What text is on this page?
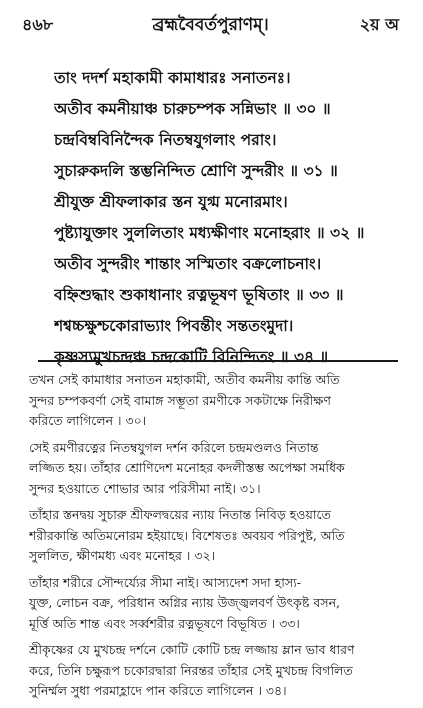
৪৬৮	ব্রহ্মবৈবর্তপুরাণম্।	২য় অ
তাং দদর্শ মহাকামী কামাধারঃ সনাতনঃ।
অতীব কমনীয়াঞ্চ চারুচম্পক সন্নিভাং ॥ ৩০ ॥
চন্দ্রবিম্ববিনিন্দৈক নিতম্বযুগলাং পরাং।
সুচারুকদলি স্তম্ভনিন্দিত শ্রোণি সুন্দরীং ॥ ৩১ ॥
শ্রীযুক্ত শ্রীফলাকার স্তন যুগ্ম মনোরমাং।
পুষ্ট্যাযুক্তাং সুললিতাং মধ্যক্ষীণাং মনোহরাং ॥ ৩২ ॥
অতীব সুন্দরীং শান্তাং সস্মিতাং বক্রলোচনাং।
বহ্নিশুদ্ধাং শুকাধানাং রত্নভূষণ ভূষিতাং ॥ ৩৩ ॥
শশ্বচ্চক্ষুশ্চকোরাভ্যাং পিবন্তীং সন্ততংমুদা।
কৃষ্ণস্যমুখচন্দ্রঞ্চ চন্দ্রকোটি বিনিন্দিতং ॥ ৩৪ ॥
তখন সেই কামাধার সনাতন মহাকামী, অতীব কমনীয় কান্তি অতি
সুন্দর চম্পকবর্ণা সেই বামাঙ্গ সম্ভূতা রমণীকে সকটাক্ষে নিরীক্ষণ
করিতে লাগিলেন । ৩০।
সেই রমণীরত্নের নিতম্বযুগল দর্শন করিলে চন্দ্রমণ্ডলও নিতান্ত
লজ্জিত হয়। তাঁহার শ্রোণিদেশ মনোহর কদলীস্তম্ভ অপেক্ষা সমধিক
সুন্দর হওয়াতে শোভার আর পরিসীমা নাই। ৩১।
তাঁহার স্তনদ্বয় সুচারু শ্রীফলদ্বয়ের ন্যায় নিতান্ত নিবিড় হওয়াতে
শরীরকান্তি অতিমনোরম হইয়াছে। বিশেষতঃ অবয়ব পরিপুষ্ট, অতি
সুললিত, ক্ষীণমধ্য এবং মনোহর । ৩২।
তাঁহার শরীরে সৌন্দর্য্যের সীমা নাই। আস্যদেশ সদা হাস্য-
যুক্ত, লোচন বক্র, পরিধান অগ্নির ন্যায় উজ্জ্বলবর্ণ উৎকৃষ্ট বসন,
মূর্ত্তি অতি শান্ত এবং সর্ব্বশরীর রত্নভূষণে বিভূষিত । ৩৩।
শ্রীকৃষ্ণের যে মুখচন্দ্র দর্শনে কোটি কোটি চন্দ্র লজ্জায় ম্লান ভাব ধারণ
করে, তিনি চক্ষুরূপ চকোরদ্বারা নিরন্তর তাঁহার সেই মুখচন্দ্র বিগলিত
সুনির্ম্মল সুধা পরমাহ্লাদে পান করিতে লাগিলেন । ৩৪।
